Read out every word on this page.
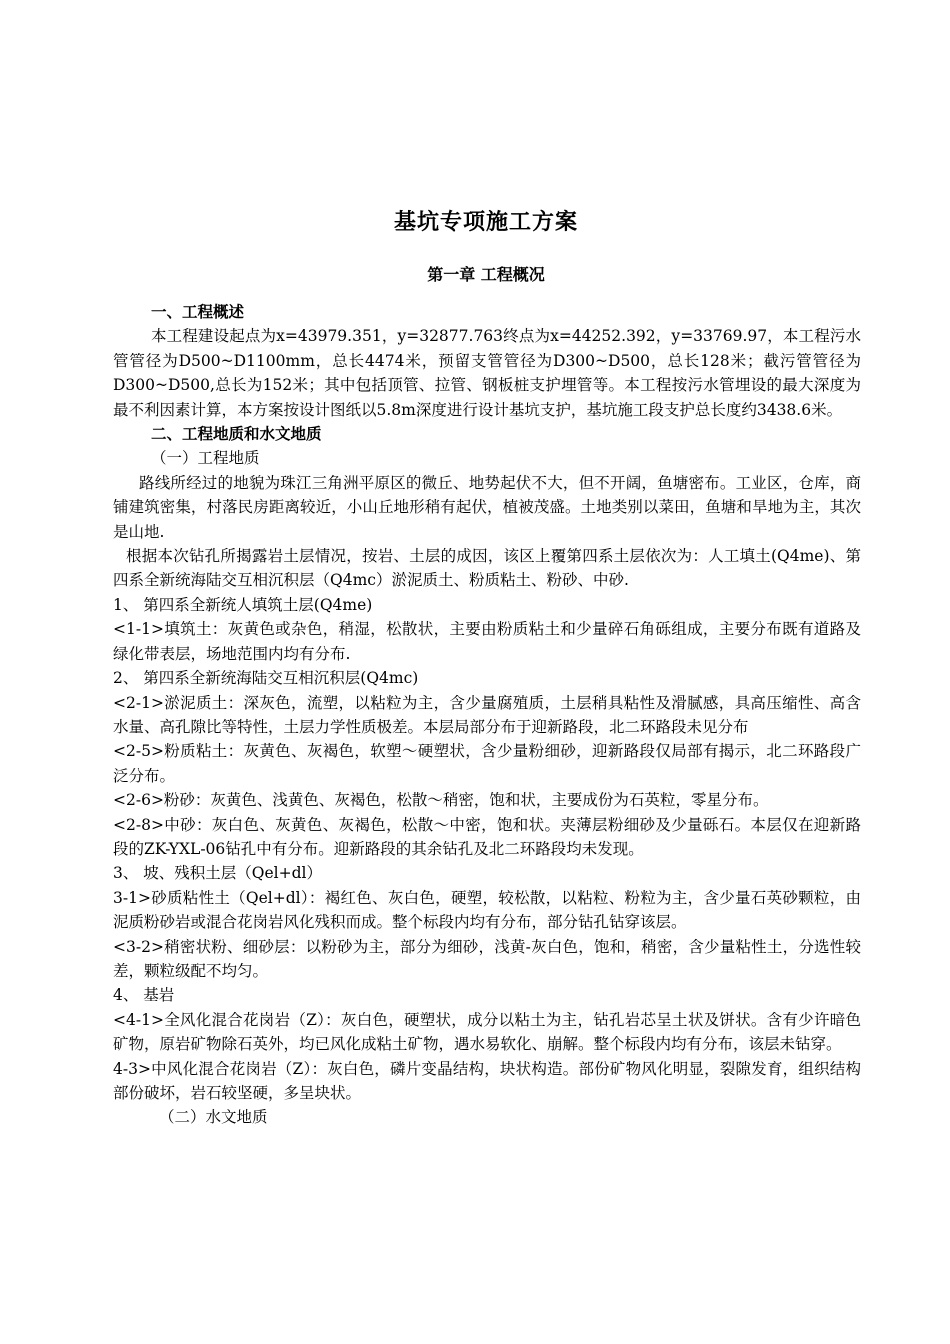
基坑专项施工方案
第一章 工程概况

一、工程概述

本工程建设起点为x=43979.351，y=32877.763终点为x=44252.392，y=33769.97，本工程污水管管径为D500~D1100mm，总长4474米，预留支管管径为D300~D500，总长128米；截污管管径为D300~D500,总长为152米；其中包括顶管、拉管、钢板桩支护埋管等。本工程按污水管埋设的最大深度为最不利因素计算，本方案按设计图纸以5.8m深度进行设计基坑支护，基坑施工段支护总长度约3438.6米。

二、工程地质和水文地质

（一）工程地质

路线所经过的地貌为珠江三角洲平原区的微丘、地势起伏不大，但不开阔，鱼塘密布。工业区，仓库，商铺建筑密集，村落民房距离较近，小山丘地形稍有起伏，植被茂盛。土地类别以菜田，鱼塘和旱地为主，其次是山地.

根据本次钻孔所揭露岩土层情况，按岩、土层的成因，该区上覆第四系土层依次为：人工填土(Q4me)、第四系全新统海陆交互相沉积层（Q4mc）淤泥质土、粉质粘土、粉砂、中砂.

1、 第四系全新统人填筑土层(Q4me)

<1-1>填筑土：灰黄色或杂色，稍湿，松散状，主要由粉质粘土和少量碎石角砾组成，主要分布既有道路及绿化带表层，场地范围内均有分布.

2、 第四系全新统海陆交互相沉积层(Q4mc)

<2-1>淤泥质土：深灰色，流塑，以粘粒为主，含少量腐殖质，土层稍具粘性及滑腻感，具高压缩性、高含水量、高孔隙比等特性，土层力学性质极差。本层局部分布于迎新路段，北二环路段未见分布

<2-5>粉质粘土：灰黄色、灰褐色，软塑～硬塑状，含少量粉细砂，迎新路段仅局部有揭示，北二环路段广泛分布。

<2-6>粉砂：灰黄色、浅黄色、灰褐色，松散～稍密，饱和状，主要成份为石英粒，零星分布。

<2-8>中砂：灰白色、灰黄色、灰褐色，松散～中密，饱和状。夹薄层粉细砂及少量砾石。本层仅在迎新路段的ZK-YXL-06钻孔中有分布。迎新路段的其余钻孔及北二环路段均未发现。

3、 坡、残积土层（Qel+dl）

3-1>砂质粘性土（Qel+dl）：褐红色、灰白色，硬塑，较松散，以粘粒、粉粒为主，含少量石英砂颗粒，由泥质粉砂岩或混合花岗岩风化残积而成。整个标段内均有分布，部分钻孔钻穿该层。

<3-2>稍密状粉、细砂层：以粉砂为主，部分为细砂，浅黄-灰白色，饱和，稍密，含少量粘性土，分选性较差，颗粒级配不均匀。

4、 基岩

<4-1>全风化混合花岗岩（Z）：灰白色，硬塑状，成分以粘土为主，钻孔岩芯呈土状及饼状。含有少许暗色矿物，原岩矿物除石英外，均已风化成粘土矿物，遇水易软化、崩解。整个标段内均有分布，该层未钻穿。

4-3>中风化混合花岗岩（Z）：灰白色，磷片变晶结构，块状构造。部份矿物风化明显，裂隙发育，组织结构部份破坏，岩石较坚硬，多呈块状。

（二）水文地质
